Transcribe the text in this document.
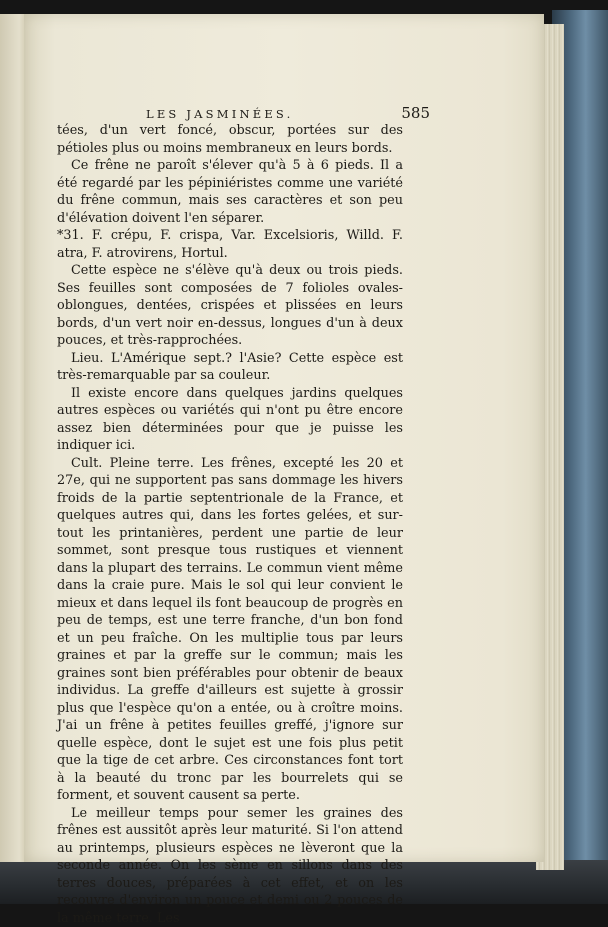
LES JASMINÉES.	585

tées, d'un vert foncé, obscur, portées sur des pétioles plus ou moins membraneux en leurs bords.

Ce frêne ne paroît s'élever qu'à 5 à 6 pieds. Il a été regardé par les pépiniéristes comme une variété du frêne commun, mais ses caractères et son peu d'élévation doivent l'en séparer.

*31. F. crépu, F. crispa, Var. Excelsioris, Willd. F. atra, F. atrovirens, Hortul.

Cette espèce ne s'élève qu'à deux ou trois pieds. Ses feuilles sont composées de 7 folioles ovales-oblongues, dentées, crispées et plissées en leurs bords, d'un vert noir en-dessus, longues d'un à deux pouces, et très-rapprochées.

Lieu. L'Amérique sept.? l'Asie? Cette espèce est très-remarquable par sa couleur.

Il existe encore dans quelques jardins quelques autres espèces ou variétés qui n'ont pu être encore assez bien déterminées pour que je puisse les indiquer ici.

Cult. Pleine terre. Les frênes, excepté les 20 et 27e, qui ne supportent pas sans dommage les hivers froids de la partie septentrionale de la France, et quelques autres qui, dans les fortes gelées, et sur-tout les printanières, perdent une partie de leur sommet, sont presque tous rustiques et viennent dans la plupart des terrains. Le commun vient même dans la craie pure. Mais le sol qui leur convient le mieux et dans lequel ils font beaucoup de progrès en peu de temps, est une terre franche, d'un bon fond et un peu fraîche. On les multiplie tous par leurs graines et par la greffe sur le commun; mais les graines sont bien préférables pour obtenir de beaux individus. La greffe d'ailleurs est sujette à grossir plus que l'espèce qu'on a entée, ou à croître moins. J'ai un frêne à petites feuilles greffé, j'ignore sur quelle espèce, dont le sujet est une fois plus petit que la tige de cet arbre. Ces circonstances font tort à la beauté du tronc par les bourrelets qui se forment, et souvent causent sa perte.

Le meilleur temps pour semer les graines des frênes est aussitôt après leur maturité. Si l'on attend au printemps, plusieurs espèces ne lèveront que la seconde année. On les sème en sillons dans des terres douces, préparées à cet effet, et on les recouvre d'environ un pouce et demi ou 2 pouces de la même terre. Les
